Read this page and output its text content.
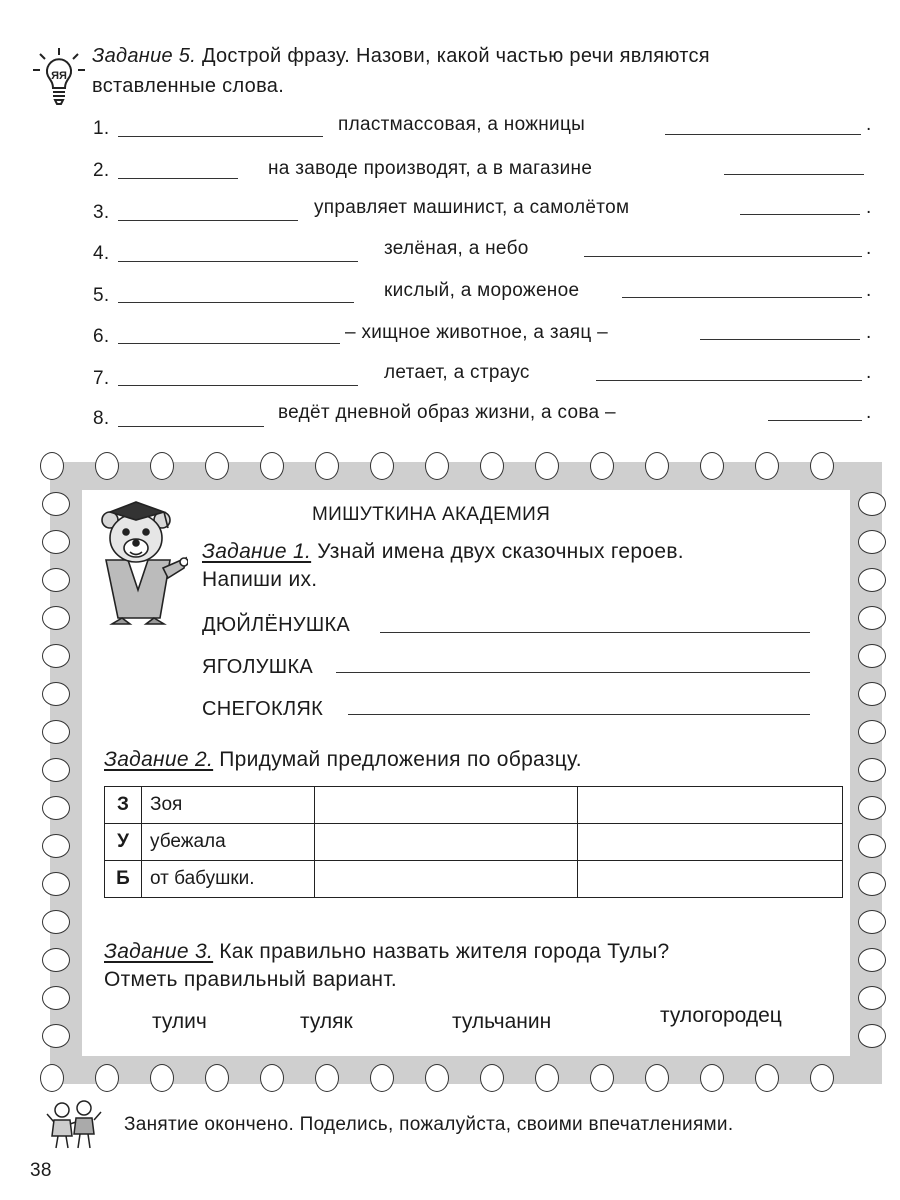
ЯЯ
Задание 5. Дострой фразу. Назови, какой частью речи являются
вставленные слова.
1.	пластмассовая, а ножницы	.
2.	на заводе производят, а в магазине
3.	управляет машинист, а самолётом	.
4.	зелёная, а небо	.
5.	кислый, а мороженое	.
6.	– хищное животное, а заяц –	.
7.	летает, а страус	.
8.	ведёт дневной образ жизни, а сова –	.
МИШУТКИНА АКАДЕМИЯ
Задание 1. Узнай имена двух сказочных героев.
Напиши их.
ДЮЙЛЁНУШКА
ЯГОЛУШКА
СНЕГОКЛЯК
Задание 2. Придумай предложения по образцу.
З	Зоя		
У	убежала		
Б	от бабушки.		
Задание 3. Как правильно назвать жителя города Тулы?
Отметь правильный вариант.
тулич	туляк	тульчанин	тулогородец
Занятие окончено. Поделись, пожалуйста, своими впечатлениями.
38
